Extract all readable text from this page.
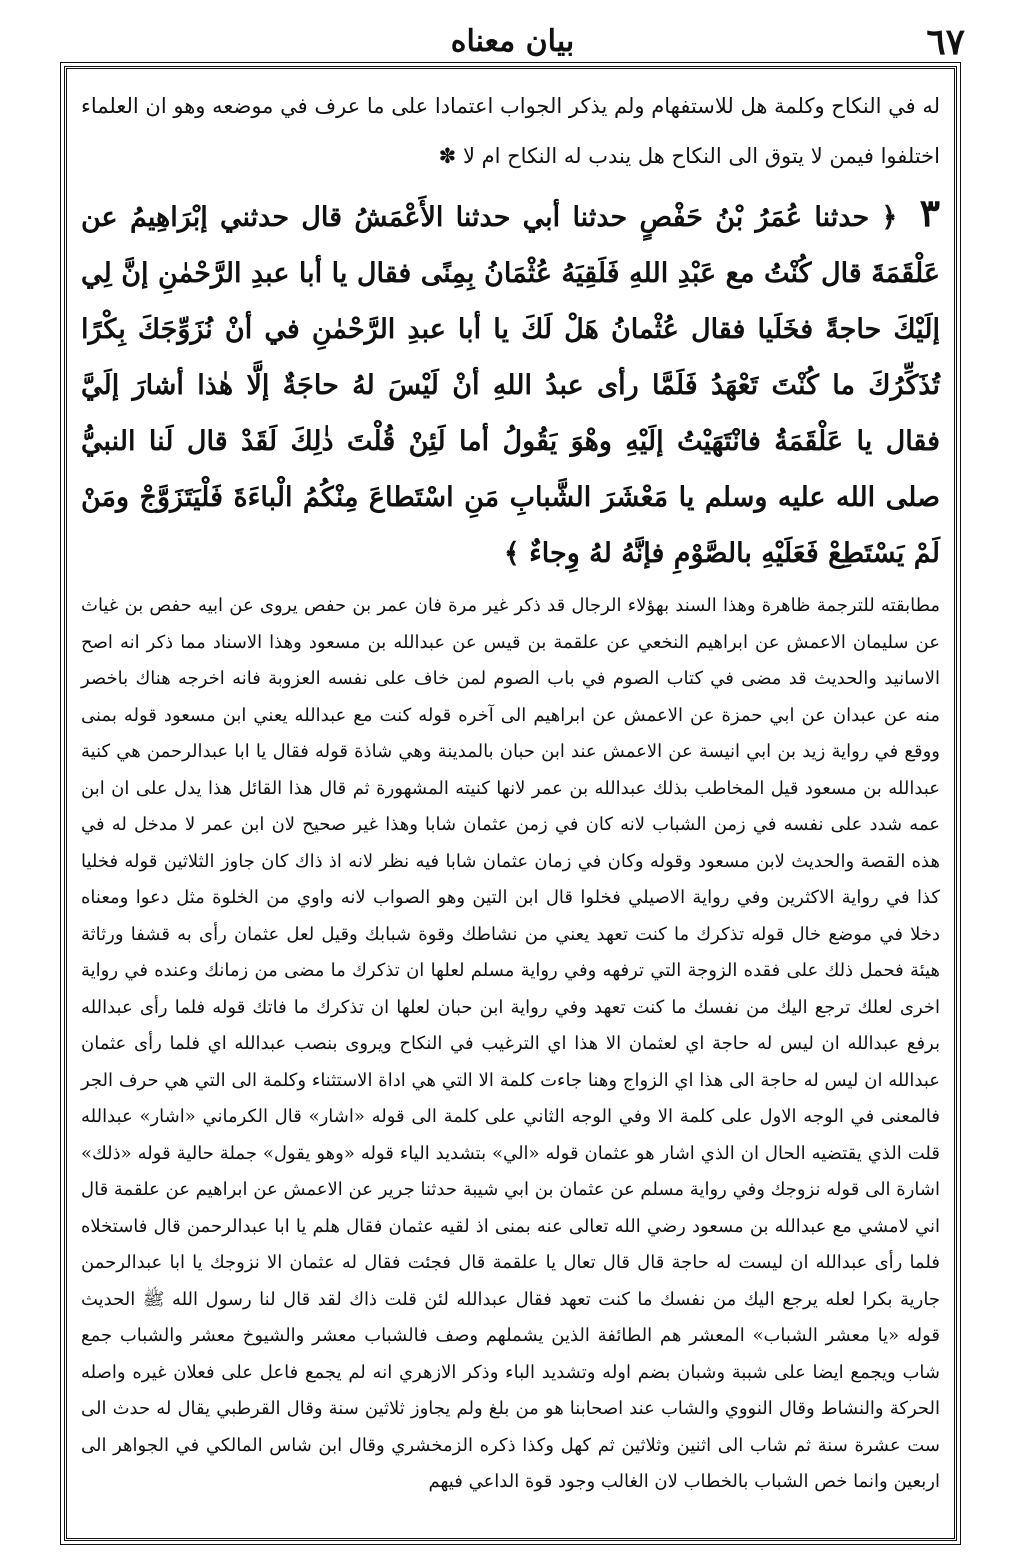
٦٧
بيان معناه

له في النكاح وكلمة هل للاستفهام ولم يذكر الجواب اعتمادا على ما عرف في موضعه وهو ان العلماء اختلفوا فيمن لا يتوق الى النكاح هل يندب له النكاح ام لا ✽

٣ ﴿ حدثنا عُمَرُ بْنُ حَفْصٍ حدثنا أبي حدثنا الأَعْمَشُ قال حدثني إبْرَاهِيمُ عن عَلْقَمَةَ قال كُنْتُ مع عَبْدِ اللهِ فَلَقِيَهُ عُثْمَانُ بِمِنًى فقال يا أبا عبدِ الرَّحْمٰنِ إنَّ لِي إلَيْكَ حاجةً فخَلَيا فقال عُثْمانُ هَلْ لَكَ يا أبا عبدِ الرَّحْمٰنِ في أنْ نُزَوِّجَكَ بِكْرًا تُذَكِّرُكَ ما كُنْتَ تَعْهَدُ فَلَمَّا رأى عبدُ اللهِ أنْ لَيْسَ لهُ حاجَةٌ إلَّا هٰذا أشارَ إلَيَّ فقال يا عَلْقَمَةُ فانْتَهَيْتُ إلَيْهِ وهْوَ يَقُولُ أما لَئِنْ قُلْتَ ذٰلِكَ لَقَدْ قال لَنا النبيُّ صلى الله عليه وسلم يا مَعْشَرَ الشَّبابِ مَنِ اسْتَطاعَ مِنْكُمُ الْباءَةَ فَلْيَتَزَوَّجْ ومَنْ لَمْ يَسْتَطِعْ فَعَلَيْهِ بالصَّوْمِ فإنَّهُ لهُ وِجاءٌ ﴾

مطابقته للترجمة ظاهرة وهذا السند بهؤلاء الرجال قد ذكر غير مرة فان عمر بن حفص يروى عن ابيه حفص بن غياث عن سليمان الاعمش عن ابراهيم النخعي عن علقمة بن قيس عن عبدالله بن مسعود وهذا الاسناد مما ذكر انه اصح الاسانيد والحديث قد مضى في كتاب الصوم في باب الصوم لمن خاف على نفسه العزوبة فانه اخرجه هناك باخصر منه عن عبدان عن ابي حمزة عن الاعمش عن ابراهيم الى آخره قوله كنت مع عبدالله يعني ابن مسعود قوله بمنى ووقع في رواية زيد بن ابي انيسة عن الاعمش عند ابن حبان بالمدينة وهي شاذة قوله فقال يا ابا عبدالرحمن هي كنية عبدالله بن مسعود قيل المخاطب بذلك عبدالله بن عمر لانها كنيته المشهورة ثم قال هذا القائل هذا يدل على ان ابن عمه شدد على نفسه في زمن الشباب لانه كان في زمن عثمان شابا وهذا غير صحيح لان ابن عمر لا مدخل له في هذه القصة والحديث لابن مسعود وقوله وكان في زمان عثمان شابا فيه نظر لانه اذ ذاك كان جاوز الثلاثين قوله فخليا كذا في رواية الاكثرين وفي رواية الاصيلي فخلوا قال ابن التين وهو الصواب لانه واوي من الخلوة مثل دعوا ومعناه دخلا في موضع خال قوله تذكرك ما كنت تعهد يعني من نشاطك وقوة شبابك وقيل لعل عثمان رأى به قشفا ورثاثة هيئة فحمل ذلك على فقده الزوجة التي ترفهه وفي رواية مسلم لعلها ان تذكرك ما مضى من زمانك وعنده في رواية اخرى لعلك ترجع اليك من نفسك ما كنت تعهد وفي رواية ابن حبان لعلها ان تذكرك ما فاتك قوله فلما رأى عبدالله برفع عبدالله ان ليس له حاجة اي لعثمان الا هذا اي الترغيب في النكاح ويروى بنصب عبدالله اي فلما رأى عثمان عبدالله ان ليس له حاجة الى هذا اي الزواج وهنا جاءت كلمة الا التي هي اداة الاستثناء وكلمة الى التي هي حرف الجر فالمعنى في الوجه الاول على كلمة الا وفي الوجه الثاني على كلمة الى قوله «اشار» قال الكرماني «اشار» عبدالله قلت الذي يقتضيه الحال ان الذي اشار هو عثمان قوله «الي» بتشديد الياء قوله «وهو يقول» جملة حالية قوله «ذلك» اشارة الى قوله نزوجك وفي رواية مسلم عن عثمان بن ابي شيبة حدثنا جرير عن الاعمش عن ابراهيم عن علقمة قال اني لامشي مع عبدالله بن مسعود رضي الله تعالى عنه بمنى اذ لقيه عثمان فقال هلم يا ابا عبدالرحمن قال فاستخلاه فلما رأى عبدالله ان ليست له حاجة قال قال تعال يا علقمة قال فجئت فقال له عثمان الا نزوجك يا ابا عبدالرحمن جارية بكرا لعله يرجع اليك من نفسك ما كنت تعهد فقال عبدالله لئن قلت ذاك لقد قال لنا رسول الله ﷺ الحديث قوله «يا معشر الشباب» المعشر هم الطائفة الذين يشملهم وصف فالشباب معشر والشيوخ معشر والشباب جمع شاب ويجمع ايضا على شببة وشبان بضم اوله وتشديد الباء وذكر الازهري انه لم يجمع فاعل على فعلان غيره واصله الحركة والنشاط وقال النووي والشاب عند اصحابنا هو من بلغ ولم يجاوز ثلاثين سنة وقال القرطبي يقال له حدث الى ست عشرة سنة ثم شاب الى اثنين وثلاثين ثم كهل وكذا ذكره الزمخشري وقال ابن شاس المالكي في الجواهر الى اربعين وانما خص الشباب بالخطاب لان الغالب وجود قوة الداعي فيهم
